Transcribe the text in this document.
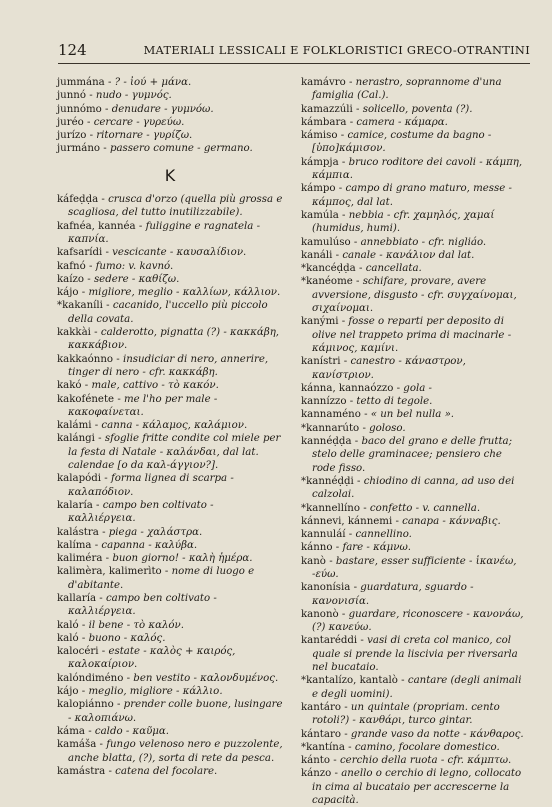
124	MATERIALI LESSICALI E FOLKLORISTICI GRECO-OTRANTINI
jummána - ? - ἰού + μάνα.
junnó - nudo - γυμνός.
junnómo - denudare - γυμνόω.
juréo - cercare - γυρεύω.
jurízo - ritornare - γυρίζω.
jurmáno - passero comune - germano.
K
káfeḍḍa - crusca d'orzo (quella più grossa e scagliosa, del tutto inutilizzabile).
kafnéa, kannéa - fuliggine e ragnatela - καπνία.
kafsarídi - vescicante - καυσαλίδιον.
kafnó - fumo: v. kavnó.
kaízo - sedere - καθίζω.
kájo - migliore, meglio - καλλίων, κάλλιον.
*kakaníli - cacanido, l'uccello più piccolo della covata.
kakkài - calderotto, pignatta (?) - κακκάβη, κακκάβιον.
kakkaónno - insudiciar di nero, annerire, tinger di nero - cfr. κακκάβη.
kakó - male, cattivo - τὸ κακόν.
kakofénete - me l'ho per male - κακοφαίνεται.
kalámi - canna - κάλαμος, καλάμιον.
kalángi - sfoglie fritte condite col miele per la festa di Natale - καλάνδαι, dal lat. calendae [o da καλ-άγγιον?].
kalapódi - forma lignea di scarpa - καλαπόδιον.
kalaría - campo ben coltivato - καλλιέργεια.
kalástra - piega - χαλάστρα.
kalíma - capanna - καλύβα.
kaliméra - buon giorno! - καλὴ ἡμέρα.
kalimèra, kalimerìto - nome di luogo e d'abitante.
kallaría - campo ben coltivato - καλλιέργεια.
kaló - il bene - τὸ καλόν.
kaló - buono - καλός.
kalocéri - estate - καλὸς + καιρός, καλοκαίριον.
kalóndiméno - ben vestito - καλονδυμένος.
kájo - meglio, migliore - κάλλιο.
kalopiánno - prender colle buone, lusingare - καλοπιάνω.
káma - caldo - καῦμα.
kamáša - fungo velenoso nero e puzzolente, anche blatta, (?), sorta di rete da pesca.
kamástra - catena del focolare.
kamávro - nerastro, soprannome d'una famiglia (Cal.).
kamazzúli - solicello, poventa (?).
kámbara - camera - κάμαρα.
kámiso - camice, costume da bagno - [ὑπο]κάμισον.
kámpja - bruco roditore dei cavoli - κάμπη, κάμπια.
kámpo - campo di grano maturo, messe - κάμπος, dal lat.
kamúla - nebbia - cfr. χαμηλός, χαμαί (humidus, humi).
kamulúso - annebbiato - cfr. nigliáo.
kanáli - canale - κανάλιον dal lat.
*kancéḍḍa - cancellata.
*kanéome - schifare, provare, avere avversione, disgusto - cfr. συγχαίνομαι, σιχαίνομαι.
kanými - fosse o reparti per deposito di olive nel trappeto prima di macinarle - κάμινος, καμίνι.
kanístri - canestro - κάναστρον, κανίστριον.
kánna, kannaózzo - gola -
kannízzo - tetto di tegole.
kannaméno - « un bel nulla ».
*kannarúto - goloso.
kannéḍḍa - baco del grano e delle frutta; stelo delle graminacee; pensiero che rode fisso.
*kannéḍḍi - chiodino di canna, ad uso dei calzolai.
*kannellíno - confetto - v. cannella.
kánnevi, kánnemi - canapa - κάνναβις.
kannuláí - cannellino.
kánno - fare - κάμνω.
kanò - bastare, esser sufficiente - ἱκανέω, -εύω.
kanonísia - guardatura, sguardo - κανονισία.
kanonò - guardare, riconoscere - κανονάω, (?) κανεύω.
kantaréddi - vasi di creta col manico, col quale si prende la liscivia per riversarla nel bucataio.
*kantalízo, kantalò - cantare (degli animali e degli uomini).
kantáro - un quintale (propriam. cento rotoli?) - κανθάρι, turco gintar.
kántaro - grande vaso da notte - κάνθαρος.
*kantína - camino, focolare domestico.
kánto - cerchio della ruota - cfr. κάμπτω.
kánzo - anello o cerchio di legno, collocato in cima al bucataio per accrescerne la capacità.
